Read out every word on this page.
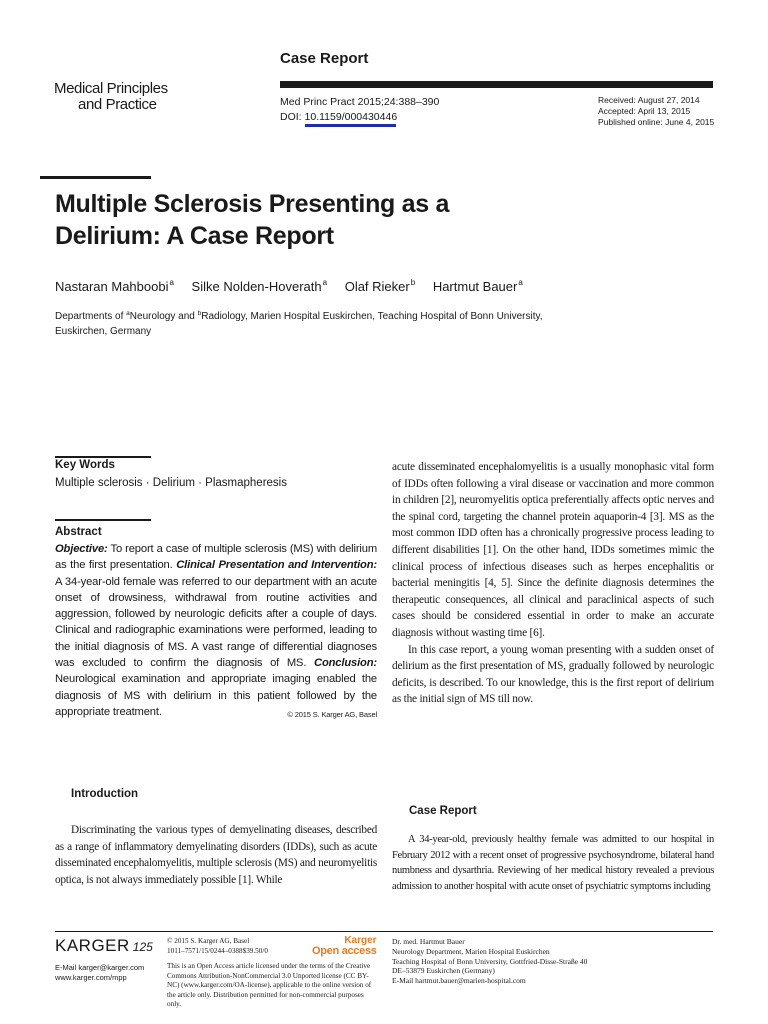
Case Report
Medical Principles
and Practice	Med Princ Pract 2015;24:388–390
DOI: 10.1159/000430446
Received: August 27, 2014
Accepted: April 13, 2015
Published online: June 4, 2015
Multiple Sclerosis Presenting as a
Delirium: A Case Report
Nastaran Mahboobi$^a$ Silke Nolden-Hoverath$^a$ Olaf Rieker$^b$ Hartmut Bauer$^a$
Departments of $^a$Neurology and $^b$Radiology, Marien Hospital Euskirchen, Teaching Hospital of Bonn University, Euskirchen, Germany
Key Words
Multiple sclerosis · Delirium · Plasmapheresis
Abstract
Objective: To report a case of multiple sclerosis (MS) with delirium as the first presentation. Clinical Presentation and Intervention: A 34-year-old female was referred to our department with an acute onset of drowsiness, withdrawal from routine activities and aggression, followed by neurologic deficits after a couple of days. Clinical and radiographic examinations were performed, leading to the initial diagnosis of MS. A vast range of differential diagnoses was excluded to confirm the diagnosis of MS. Conclusion: Neurological examination and appropriate imaging enabled the diagnosis of MS with delirium in this patient followed by the appropriate treatment.	© 2015 S. Karger AG, Basel
Introduction

Discriminating the various types of demyelinating diseases, described as a range of inflammatory demyelinating disorders (IDDs), such as acute disseminated encephalomyelitis, multiple sclerosis (MS) and neuromyelitis optica, is not always immediately possible [1]. While

acute disseminated encephalomyelitis is a usually monophasic vital form of IDDs often following a viral disease or vaccination and more common in children [2], neuromyelitis optica preferentially affects optic nerves and the spinal cord, targeting the channel protein aquaporin-4 [3]. MS as the most common IDD often has a chronically progressive process leading to different disabilities [1]. On the other hand, IDDs sometimes mimic the clinical process of infectious diseases such as herpes encephalitis or bacterial meningitis [4, 5]. Since the definite diagnosis determines the therapeutic consequences, all clinical and paraclinical aspects of such cases should be considered essential in order to make an accurate diagnosis without wasting time [6].

In this case report, a young woman presenting with a sudden onset of delirium as the first presentation of MS, gradually followed by neurologic deficits, is described. To our knowledge, this is the first report of delirium as the initial sign of MS till now.

Case Report

A 34-year-old, previously healthy female was admitted to our hospital in February 2012 with a recent onset of progressive psychosyndrome, bilateral hand numbness and dysarthria. Reviewing of her medical history revealed a previous admission to another hospital with acute onset of psychiatric symptoms including

KARGER 125
E-Mail karger@karger.com
www.karger.com/mpp
© 2015 S. Karger AG, Basel
1011–7571/15/0244–0388$39.50/0
This is an Open Access article licensed under the terms of the Creative Commons Attribution-NonCommercial 3.0 Unported license (CC BY-NC) (www.karger.com/OA-license), applicable to the online version of the article only. Distribution permitted for non-commercial purposes only.
Karger
Open access
Dr. med. Hartmut Bauer
Neurology Department, Marien Hospital Euskirchen
Teaching Hospital of Bonn University, Gottfried-Disse-Straße 40
DE–53879 Euskirchen (Germany)
E-Mail hartmut.bauer@marien-hospital.com
